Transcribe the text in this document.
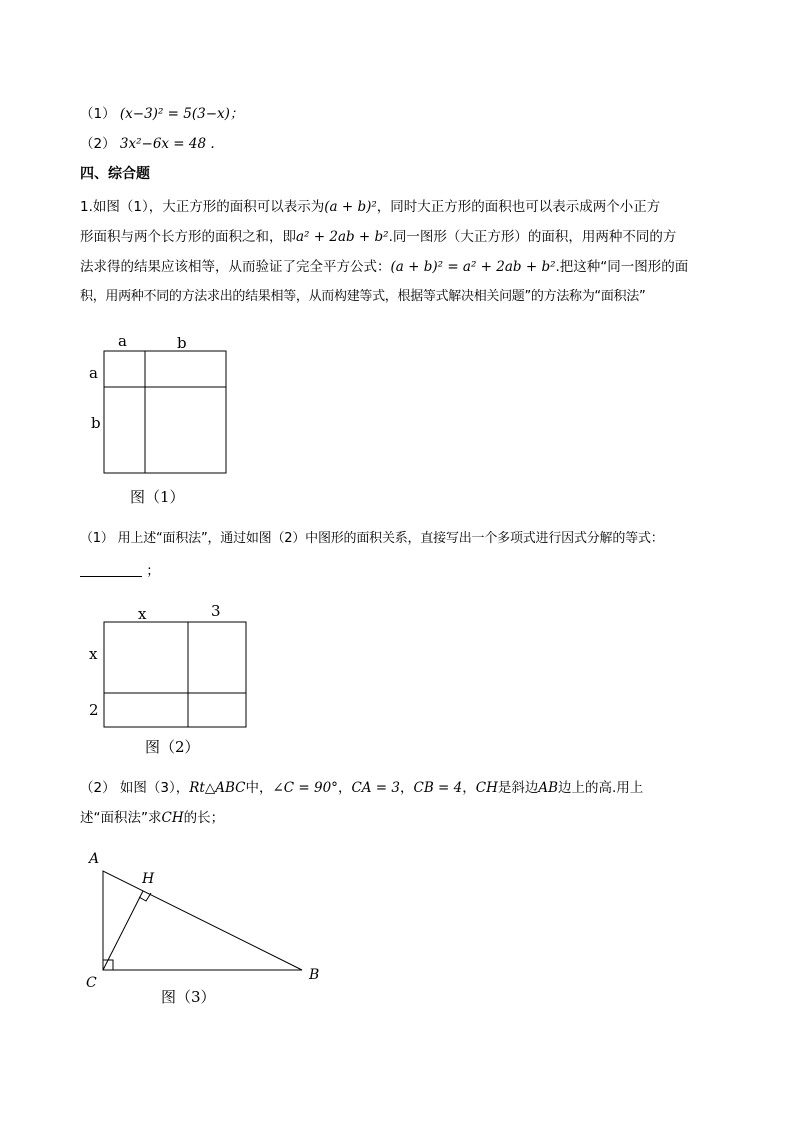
（1） (x−3)² = 5(3−x)；
（2） 3x²−6x = 48 .
四、综合题
1.如图（1），大正方形的面积可以表示为(a + b)²，同时大正方形的面积也可以表示成两个小正方
形面积与两个长方形的面积之和，即a² + 2ab + b².同一图形（大正方形）的面积，用两种不同的方
法求得的结果应该相等，从而验证了完全平方公式：(a + b)² = a² + 2ab + b².把这种“同一图形的面
积，用两种不同的方法求出的结果相等，从而构建等式，根据等式解决相关问题”的方法称为“面积法”
a	b
a
b
x	3
x
2
A
H
C	B
图（1）
图（2）
图（3）
（1） 用上述“面积法”，通过如图（2）中图形的面积关系，直接写出一个多项式进行因式分解的等式：
；
（2） 如图（3），Rt△ABC中，∠C = 90°，CA = 3，CB = 4，CH是斜边AB边上的高.用上
述“面积法”求CH的长；
